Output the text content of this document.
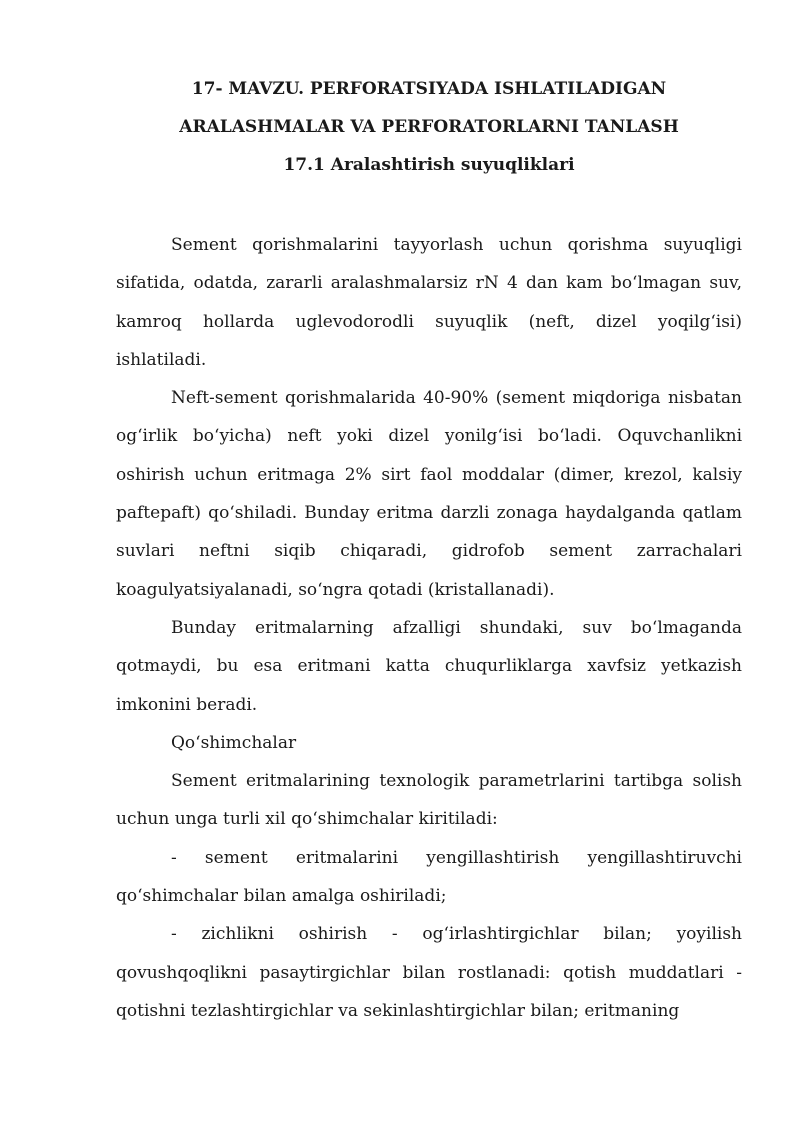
17- MAVZU. PERFORATSIYADA ISHLATILADIGAN

ARALASHMALAR VA PERFORATORLARNI TANLASH

17.1 Aralashtirish suyuqliklari

Sement qorishmalarini tayyorlash uchun qorishma suyuqligi sifatida, odatda, zararli aralashmalarsiz rN 4 dan kam bo‘lmagan suv, kamroq hollarda uglevodorodli suyuqlik (neft, dizel yoqilg‘isi) ishlatiladi.

Neft-sement qorishmalarida 40-90% (sement miqdoriga nisbatan og‘irlik bo‘yicha) neft yoki dizel yonilg‘isi bo‘ladi. Oquvchanlikni oshirish uchun eritmaga 2% sirt faol moddalar (dimer, krezol, kalsiy paftepaft) qo‘shiladi. Bunday eritma darzli zonaga haydalganda qatlam suvlari neftni siqib chiqaradi, gidrofob sement zarrachalari koagulyatsiyalanadi, so‘ngra qotadi (kristallanadi).

Bunday eritmalarning afzalligi shundaki, suv bo‘lmaganda qotmaydi, bu esa eritmani katta chuqurliklarga xavfsiz yetkazish imkonini beradi.

Qo‘shimchalar

Sement eritmalarining texnologik parametrlarini tartibga solish uchun unga turli xil qo‘shimchalar kiritiladi:

- sement eritmalarini yengillashtirish yengillashtiruvchi qo‘shimchalar bilan amalga oshiriladi;

- zichlikni oshirish - og‘irlashtirgichlar bilan; yoyilish qovushqoqlikni pasaytirgichlar bilan rostlanadi: qotish muddatlari - qotishni tezlashtirgichlar va sekinlashtirgichlar bilan; eritmaning
